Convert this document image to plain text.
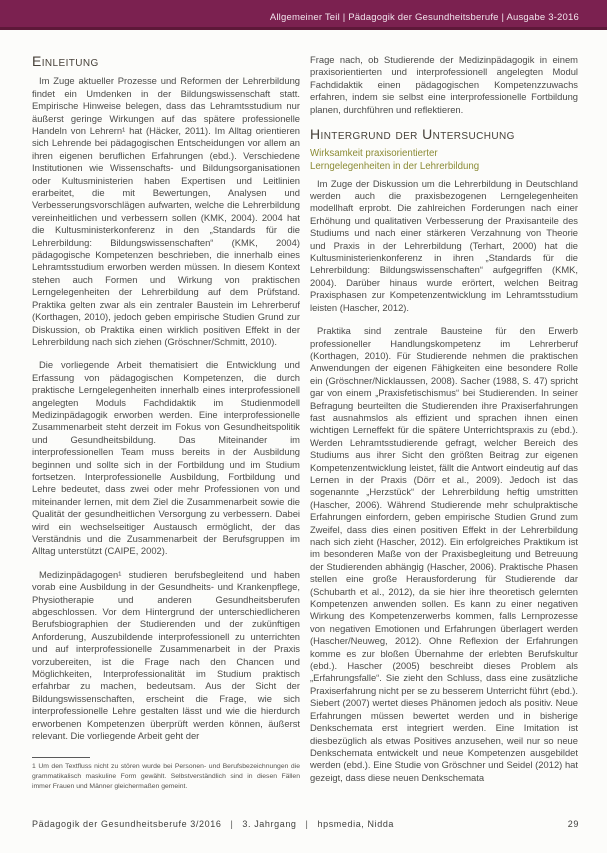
Allgemeiner Teil | Pädagogik der Gesundheitsberufe | Ausgabe 3-2016
Einleitung

Im Zuge aktueller Prozesse und Reformen der Lehrerbildung findet ein Umdenken in der Bildungswissenschaft statt. Empirische Hinweise belegen, dass das Lehramtsstudium nur äußerst geringe Wirkungen auf das spätere professionelle Handeln von Lehrern¹ hat (Häcker, 2011). Im Alltag orientieren sich Lehrende bei pädagogischen Entscheidungen vor allem an ihren eigenen beruflichen Erfahrungen (ebd.). Verschiedene Institutionen wie Wissenschafts- und Bildungsorganisationen oder Kultusministerien haben Expertisen und Leitlinien erarbeitet, die mit Bewertungen, Analysen und Verbesserungsvorschlägen aufwarten, welche die Lehrerbildung vereinheitlichen und verbessern sollen (KMK, 2004). 2004 hat die Kultusministerkonferenz in den „Standards für die Lehrerbildung: Bildungswissenschaften“ (KMK, 2004) pädagogische Kompetenzen beschrieben, die innerhalb eines Lehramtsstudium erworben werden müssen. In diesem Kontext stehen auch Formen und Wirkung von praktischen Lerngelegenheiten der Lehrerbildung auf dem Prüfstand. Praktika gelten zwar als ein zentraler Baustein im Lehrerberuf (Korthagen, 2010), jedoch geben empirische Studien Grund zur Diskussion, ob Praktika einen wirklich positiven Effekt in der Lehrerbildung nach sich ziehen (Gröschner/Schmitt, 2010).

Die vorliegende Arbeit thematisiert die Entwicklung und Erfassung von pädagogischen Kompetenzen, die durch praktische Lerngelegenheiten innerhalb eines interprofessionell angelegten Moduls Fachdidaktik im Studienmodell Medizinpädagogik erworben werden. Eine interprofessionelle Zusammenarbeit steht derzeit im Fokus von Gesundheitspolitik und Gesundheitsbildung. Das Miteinander im interprofessionellen Team muss bereits in der Ausbildung beginnen und sollte sich in der Fortbildung und im Studium fortsetzen. Interprofessionelle Ausbildung, Fortbildung und Lehre bedeutet, dass zwei oder mehr Professionen von und miteinander lernen, mit dem Ziel die Zusammenarbeit sowie die Qualität der gesundheitlichen Versorgung zu verbessern. Dabei wird ein wechselseitiger Austausch ermöglicht, der das Verständnis und die Zusammenarbeit der Berufsgruppen im Alltag unterstützt (CAIPE, 2002).

Medizinpädagogen¹ studieren berufsbegleitend und haben vorab eine Ausbildung in der Gesundheits- und Krankenpflege, Physiotherapie und anderen Gesundheitsberufen abgeschlossen. Vor dem Hintergrund der unterschiedlicheren Berufsbiographien der Studierenden und der zukünftigen Anforderung, Auszubildende interprofessionell zu unterrichten und auf interprofessionelle Zusammenarbeit in der Praxis vorzubereiten, ist die Frage nach den Chancen und Möglichkeiten, Interprofessionalität im Studium praktisch erfahrbar zu machen, bedeutsam. Aus der Sicht der Bildungswissenschaften, erscheint die Frage, wie sich interprofessionelle Lehre gestalten lässt und wie die hierdurch erworbenen Kompetenzen überprüft werden können, äußerst relevant. Die vorliegende Arbeit geht der

1 Um den Textfluss nicht zu stören wurde bei Personen- und Berufsbezeichnungen die grammatikalisch maskuline Form gewählt. Selbstverständlich sind in diesen Fällen immer Frauen und Männer gleichermaßen gemeint.

Frage nach, ob Studierende der Medizinpädagogik in einem praxisorientierten und interprofessionell angelegten Modul Fachdidaktik einen pädagogischen Kompetenzzuwachs erfahren, indem sie selbst eine interprofessionelle Fortbildung planen, durchführen und reflektieren.

Hintergrund der Untersuchung
Wirksamkeit praxisorientierter
Lerngelegenheiten in der Lehrerbildung

Im Zuge der Diskussion um die Lehrerbildung in Deutschland werden auch die praxisbezogenen Lerngelegenheiten modellhaft erprobt. Die zahlreichen Forderungen nach einer Erhöhung und qualitativen Verbesserung der Praxisanteile des Studiums und nach einer stärkeren Verzahnung von Theorie und Praxis in der Lehrerbildung (Terhart, 2000) hat die Kultusministerienkonferenz in ihren „Standards für die Lehrerbildung: Bildungswissenschaften“ aufgegriffen (KMK, 2004). Darüber hinaus wurde erörtert, welchen Beitrag Praxisphasen zur Kompetenzentwicklung im Lehramtsstudium leisten (Hascher, 2012).

Praktika sind zentrale Bausteine für den Erwerb professioneller Handlungskompetenz im Lehrerberuf (Korthagen, 2010). Für Studierende nehmen die praktischen Anwendungen der eigenen Fähigkeiten eine besondere Rolle ein (Gröschner/Nicklaussen, 2008). Sacher (1988, S. 47) spricht gar von einem „Praxisfetischismus“ bei Studierenden. In seiner Befragung beurteilten die Studierenden ihre Praxiserfahrungen fast ausnahmslos als effizient und sprachen ihnen einen wichtigen Lerneffekt für die spätere Unterrichtspraxis zu (ebd.). Werden Lehramtsstudierende gefragt, welcher Bereich des Studiums aus ihrer Sicht den größten Beitrag zur eigenen Kompetenzentwicklung leistet, fällt die Antwort eindeutig auf das Lernen in der Praxis (Dörr et al., 2009). Jedoch ist das sogenannte „Herzstück“ der Lehrerbildung heftig umstritten (Hascher, 2006). Während Studierende mehr schulpraktische Erfahrungen einfordern, geben empirische Studien Grund zum Zweifel, dass dies einen positiven Effekt in der Lehrerbildung nach sich zieht (Hascher, 2012). Ein erfolgreiches Praktikum ist im besonderen Maße von der Praxisbegleitung und Betreuung der Studierenden abhängig (Hascher, 2006). Praktische Phasen stellen eine große Herausforderung für Studierende dar (Schubarth et al., 2012), da sie hier ihre theoretisch gelernten Kompetenzen anwenden sollen. Es kann zu einer negativen Wirkung des Kompetenzerwerbs kommen, falls Lernprozesse von negativen Emotionen und Erfahrungen überlagert werden (Hascher/Neuweg, 2012). Ohne Reflexion der Erfahrungen komme es zur bloßen Übernahme der erlebten Berufskultur (ebd.). Hascher (2005) beschreibt dieses Problem als „Erfahrungsfalle“. Sie zieht den Schluss, dass eine zusätzliche Praxiserfahrung nicht per se zu besserem Unterricht führt (ebd.). Siebert (2007) wertet dieses Phänomen jedoch als positiv. Neue Erfahrungen müssen bewertet werden und in bisherige Denkschemata erst integriert werden. Eine Imitation ist diesbezüglich als etwas Positives anzusehen, weil nur so neue Denkschemata entwickelt und neue Kompetenzen ausgebildet werden (ebd.). Eine Studie von Gröschner und Seidel (2012) hat gezeigt, dass diese neuen Denkschemata

Pädagogik der Gesundheitsberufe 3/2016 | 3. Jahrgang | hpsmedia, Nidda	29
